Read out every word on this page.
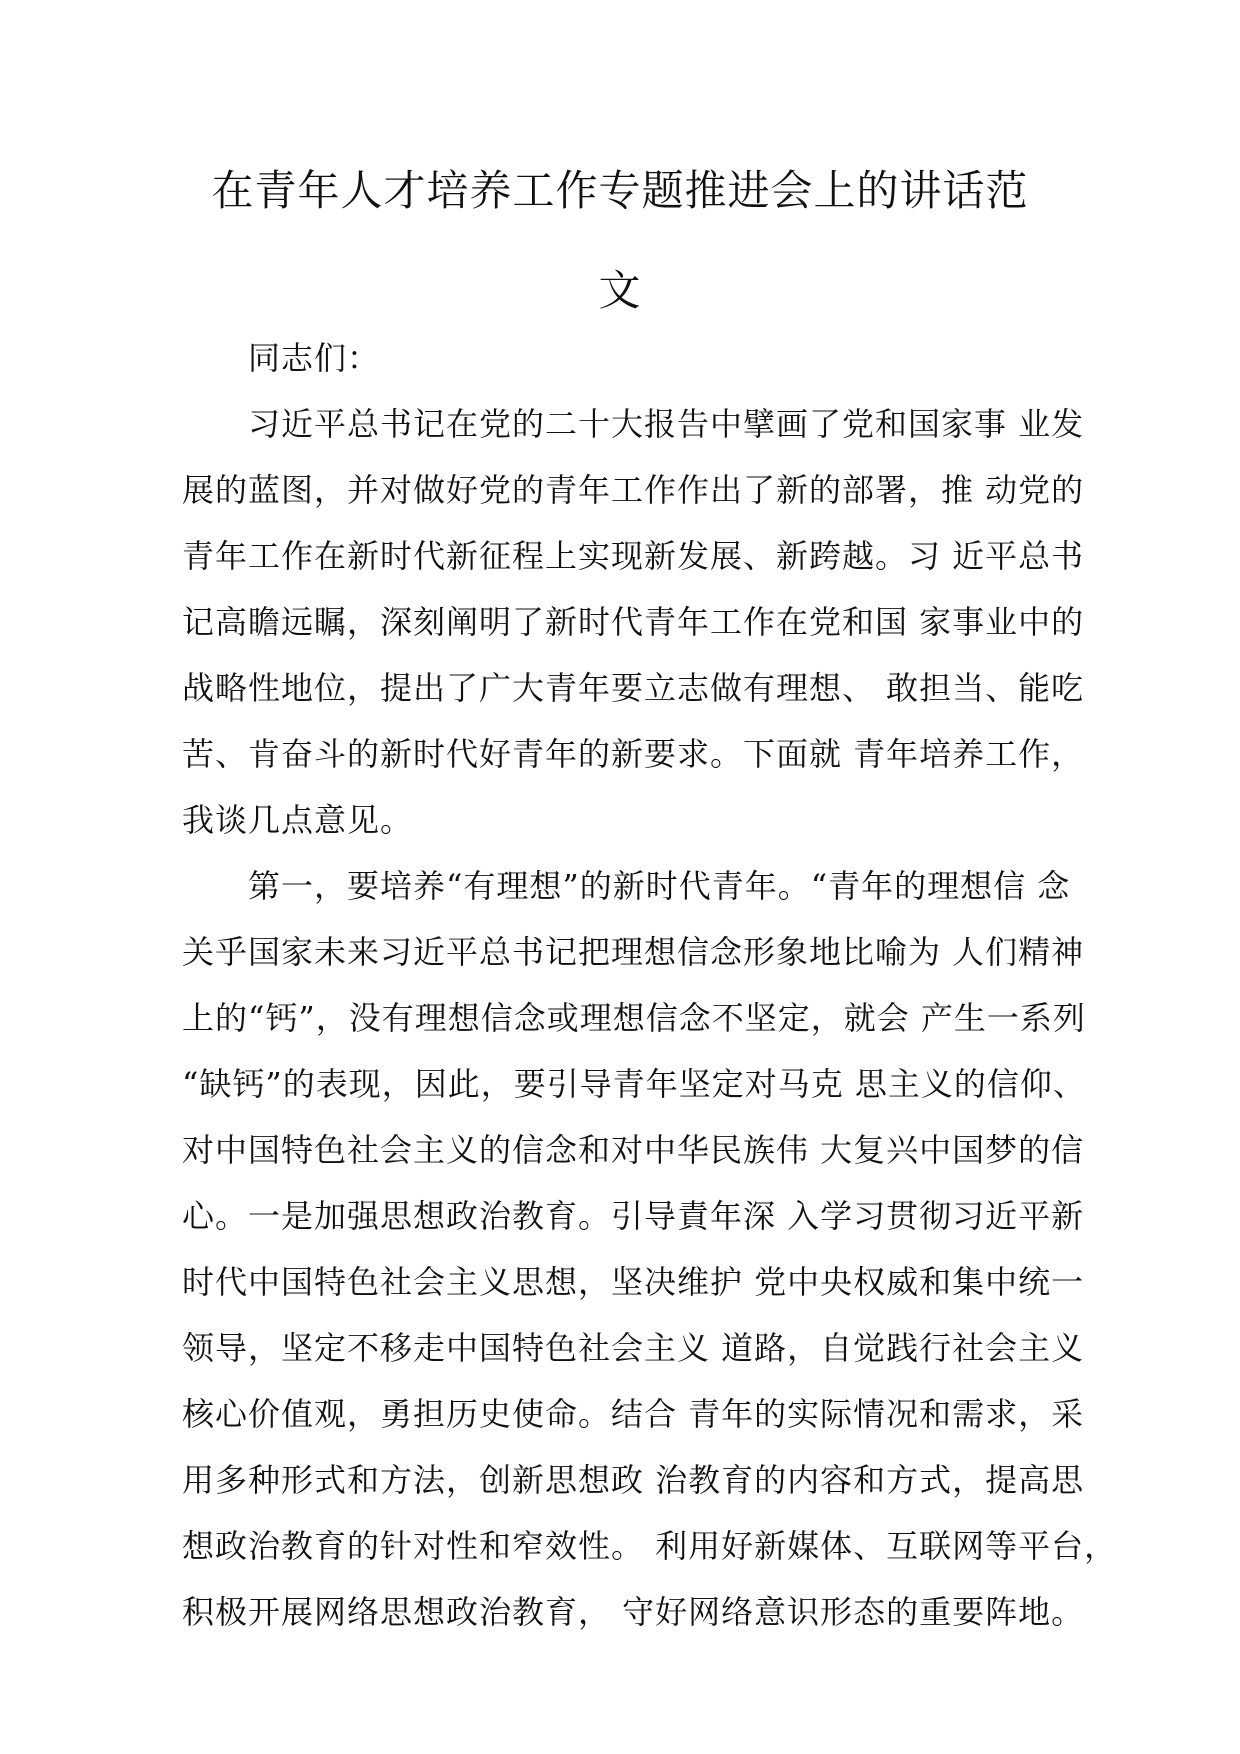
在青年人才培养工作专题推进会上的讲话范
文
同志们：
习近平总书记在党的二十大报告中擘画了党和国家事 业发
展的蓝图，并对做好党的青年工作作出了新的部署，推 动党的
青年工作在新时代新征程上实现新发展、新跨越。习 近平总书
记高瞻远瞩，深刻阐明了新时代青年工作在党和国 家事业中的
战略性地位，提出了广大青年要立志做有理想、 敢担当、能吃
苦、肯奋斗的新时代好青年的新要求。下面就 青年培养工作，
我谈几点意见。
第一，要培养“有理想”的新时代青年。“青年的理想信 念
关乎国家未来习近平总书记把理想信念形象地比喻为 人们精神
上的“钙”，没有理想信念或理想信念不坚定，就会 产生一系列
“缺钙”的表现，因此，要引导青年坚定对马克 思主义的信仰、
对中国特色社会主义的信念和对中华民族伟 大复兴中国梦的信
心。一是加强思想政治教育。引导責年深 入学习贯彻习近平新
时代中国特色社会主义思想，坚决维护 党中央权威和集中统一
领导，坚定不移走中国特色社会主义 道路，自觉践行社会主义
核心价值观，勇担历史使命。结合 青年的实际情况和需求，采
用多种形式和方法，创新思想政 治教育的内容和方式，提高思
想政治教育的针对性和窄效性。 利用好新媒体、互联网等平台，
积极开展网络思想政治教育， 守好网络意识形态的重要阵地。
